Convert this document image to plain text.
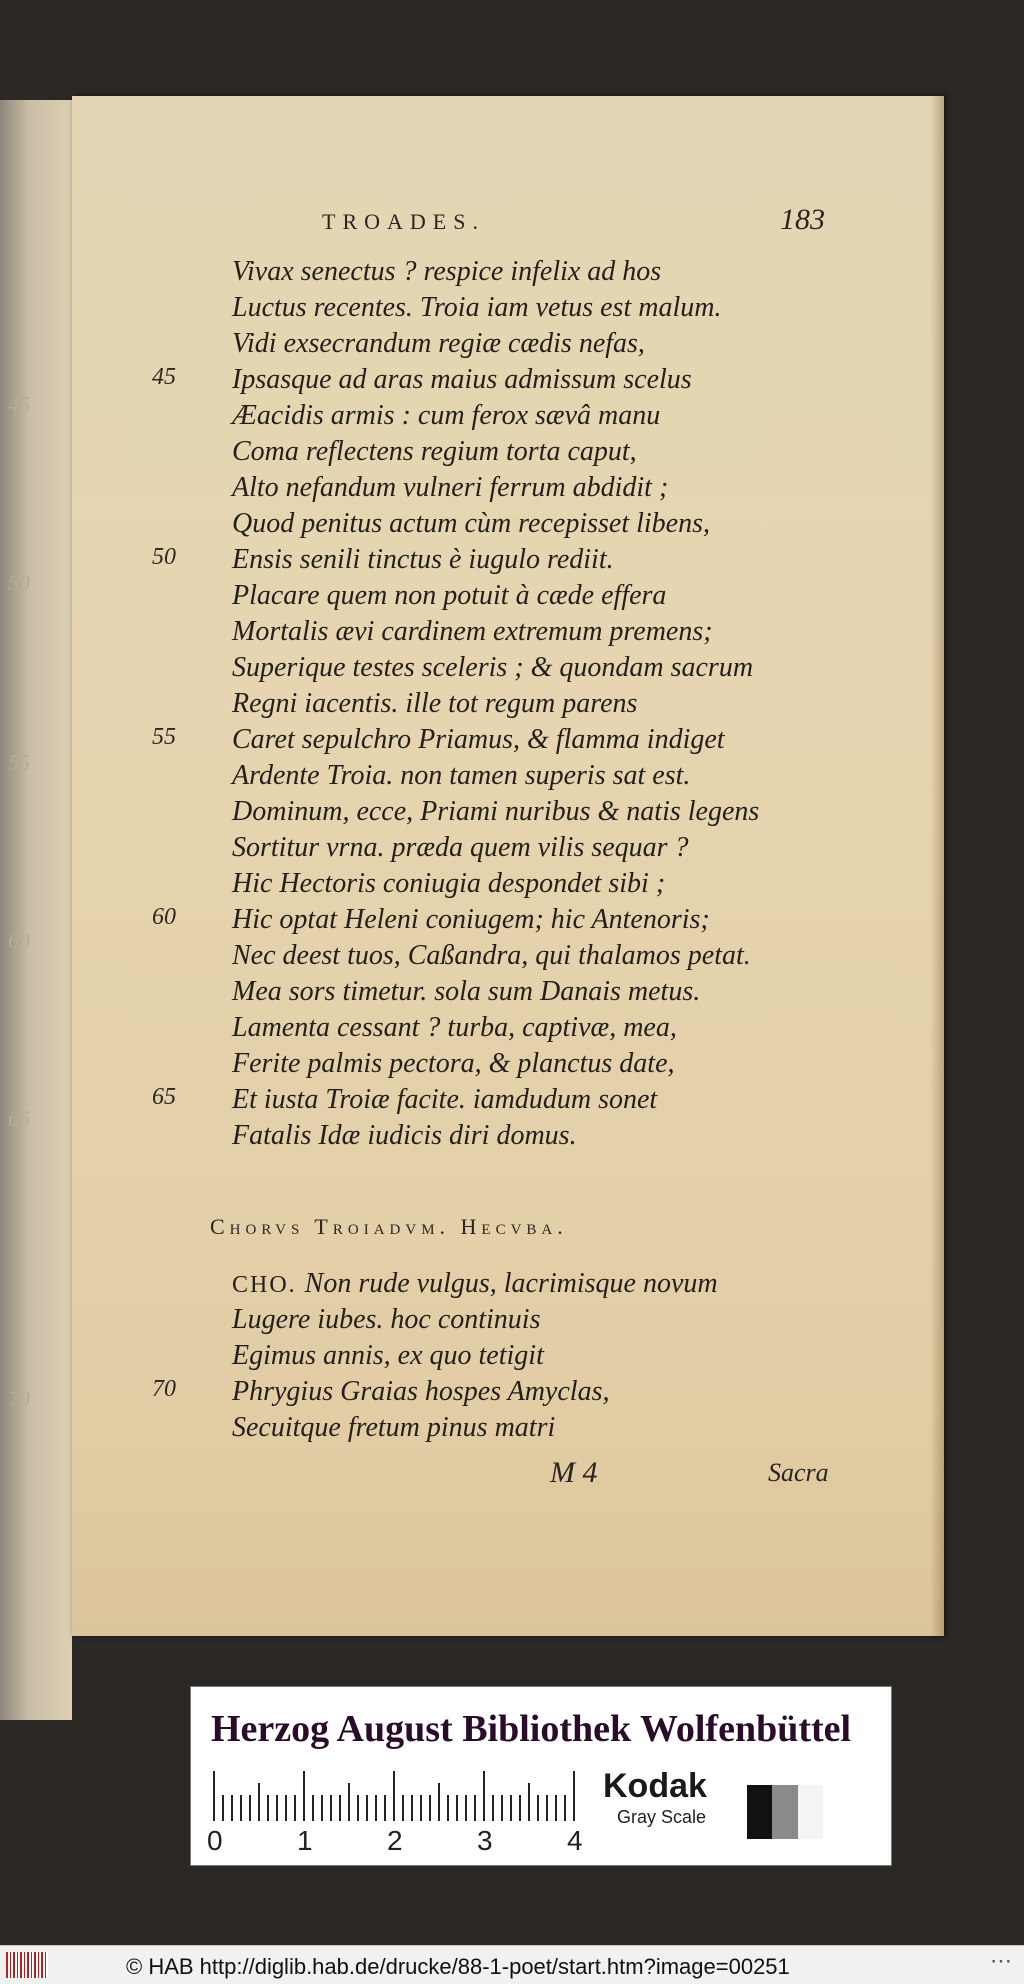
45
50
55
60
65
70
TROADES.	183
Vivax senectus ? respice infelix ad hos
Luctus recentes. Troia iam vetus est malum.
Vidi exsecrandum regiæ cædis nefas,
45	Ipsasque ad aras maius admissum scelus
Æacidis armis : cum ferox sævâ manu
Coma reflectens regium torta caput,
Alto nefandum vulneri ferrum abdidit ;
Quod penitus actum cùm recepisset libens,
50	Ensis senili tinctus è iugulo rediit.
Placare quem non potuit à cæde effera
Mortalis ævi cardinem extremum premens;
Superique testes sceleris ; & quondam sacrum
Regni iacentis. ille tot regum parens
55	Caret sepulchro Priamus, & flamma indiget
Ardente Troia. non tamen superis sat est.
Dominum, ecce, Priami nuribus & natis legens
Sortitur vrna. præda quem vilis sequar ?
Hic Hectoris coniugia despondet sibi ;
60	Hic optat Heleni coniugem; hic Antenoris;
Nec deest tuos, Caßandra, qui thalamos petat.
Mea sors timetur. sola sum Danais metus.
Lamenta cessant ? turba, captivæ, mea,
Ferite palmis pectora, & planctus date,
65	Et iusta Troiæ facite. iamdudum sonet
Fatalis Idæ iudicis diri domus.
Chorvs Troiadvm. Hecvba.
CHO. Non rude vulgus, lacrimisque novum
Lugere iubes. hoc continuis
Egimus annis, ex quo tetigit
70	Phrygius Graias hospes Amyclas,
Secuitque fretum pinus matri
M 4	Sacra
Herzog August Bibliothek Wolfenbüttel
0	1	2	3	4
Kodak
Gray Scale
© HAB http://diglib.hab.de/drucke/88-1-poet/start.htm?image=00251	⋯
